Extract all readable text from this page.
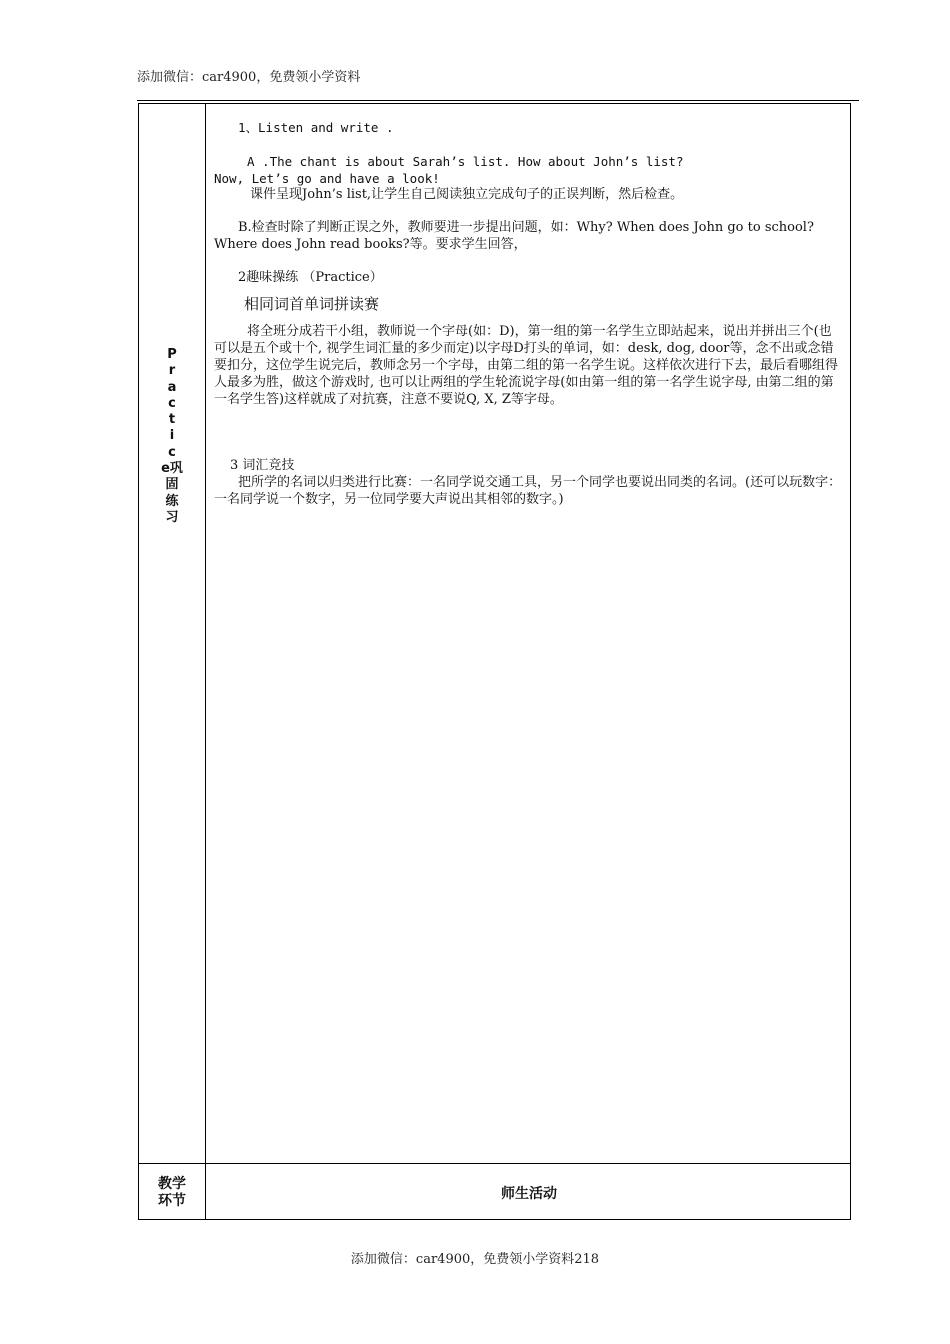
添加微信：car4900，免费领小学资料
P
r
a
c
t
i
c
e巩
固
练
习

1、Listen and write .

A .The chant is about Sarah’s list. How about John’s list?

Now, Let’s go and have a look!

课件呈现John’s list,让学生自己阅读独立完成句子的正误判断，然后检查。

B.检查时除了判断正误之外，教师要进一步提出问题，如：Why? When does John go to school? Where does John read books?等。要求学生回答，

2趣味操练 （Practice）

相同词首单词拼读赛

将全班分成若干小组，教师说一个字母(如：D)，第一组的第一名学生立即站起来，说出并拼出三个(也可以是五个或十个, 视学生词汇量的多少而定)以字母D打头的单词，如：desk, dog, door等，念不出或念错要扣分，这位学生说完后，教师念另一个字母，由第二组的第一名学生说。这样依次进行下去，最后看哪组得人最多为胜，做这个游戏时, 也可以让两组的学生轮流说字母(如由第一组的第一名学生说字母, 由第二组的第一名学生答)这样就成了对抗赛，注意不要说Q, X, Z等字母。

3 词汇竞技

把所学的名词以归类进行比赛：一名同学说交通工具，另一个同学也要说出同类的名词。(还可以玩数字：一名同学说一个数字，另一位同学要大声说出其相邻的数字。)

教学环节	师生活动
添加微信：car4900，免费领小学资料218
